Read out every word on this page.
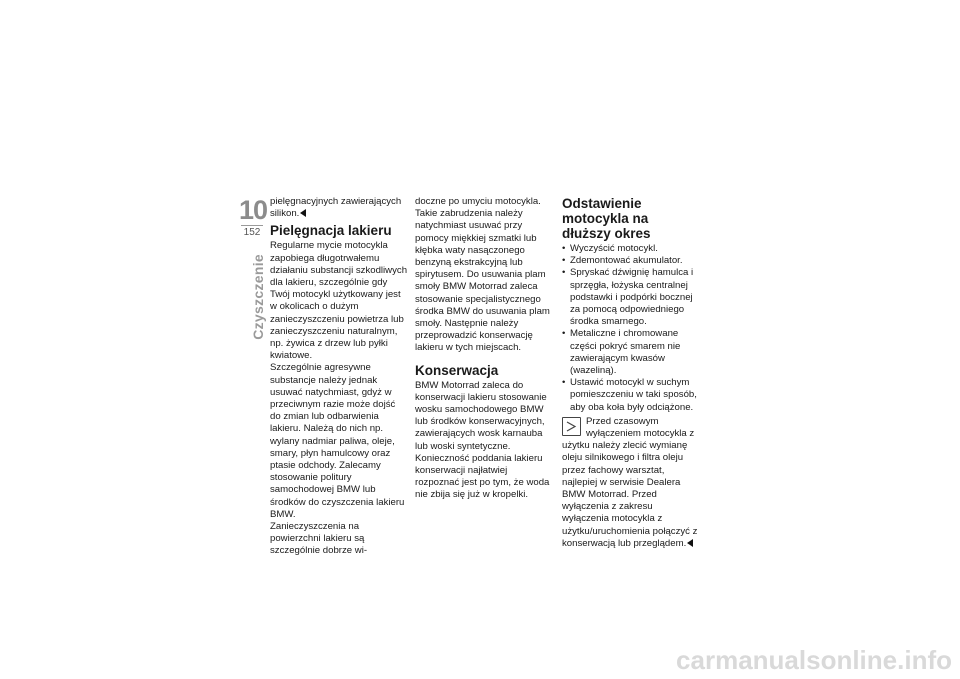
10
152
Czyszczenie

pielęgnacyjnych zawierających silikon.

Pielęgnacja lakieru

Regularne mycie motocykla zapobiega długotrwałemu działaniu substancji szkodliwych dla lakieru, szczególnie gdy Twój motocykl użytkowany jest w okolicach o dużym zanieczyszczeniu powietrza lub zanieczyszczeniu naturalnym, np. żywica z drzew lub pyłki kwiatowe.

Szczególnie agresywne substancje należy jednak usuwać natychmiast, gdyż w przeciwnym razie może dojść do zmian lub odbarwienia lakieru. Należą do nich np. wylany nadmiar paliwa, oleje, smary, płyn hamulcowy oraz ptasie odchody. Zalecamy stosowanie politury samochodowej BMW lub środków do czyszczenia lakieru BMW.

Zanieczyszczenia na powierzchni lakieru są szczególnie dobrze wi-

doczne po umyciu motocykla. Takie zabrudzenia należy natychmiast usuwać przy pomocy miękkiej szmatki lub kłębka waty nasączonego benzyną ekstrakcyjną lub spirytusem. Do usuwania plam smoły BMW Motorrad zaleca stosowanie specjalistycznego środka BMW do usuwania plam smoły. Następnie należy przeprowadzić konserwację lakieru w tych miejscach.

Konserwacja

BMW Motorrad zaleca do konserwacji lakieru stosowanie wosku samochodowego BMW lub środków konserwacyjnych, zawierających wosk karnauba lub woski syntetyczne.

Konieczność poddania lakieru konserwacji najłatwiej rozpoznać jest po tym, że woda nie zbija się już w kropelki.

Odstawienie motocykla na dłuższy okres
• Wyczyścić motocykl.
• Zdemontować akumulator.
• Spryskać dźwignię hamulca i sprzęgła, łożyska centralnej podstawki i podpórki bocznej za pomocą odpowiedniego środka smarnego.
• Metaliczne i chromowane części pokryć smarem nie zawierającym kwasów (wazeliną).
• Ustawić motocykl w suchym pomieszczeniu w taki sposób, aby oba koła były odciążone.

Przed czasowym wyłączeniem motocykla z

użytku należy zlecić wymianę oleju silnikowego i filtra oleju przez fachowy warsztat, najlepiej w serwisie Dealera BMW Motorrad. Przed wyłączenia z zakresu wyłączenia motocykla z użytku/uruchomienia połączyć z konserwacją lub przeglądem.

carmanualsonline.info
